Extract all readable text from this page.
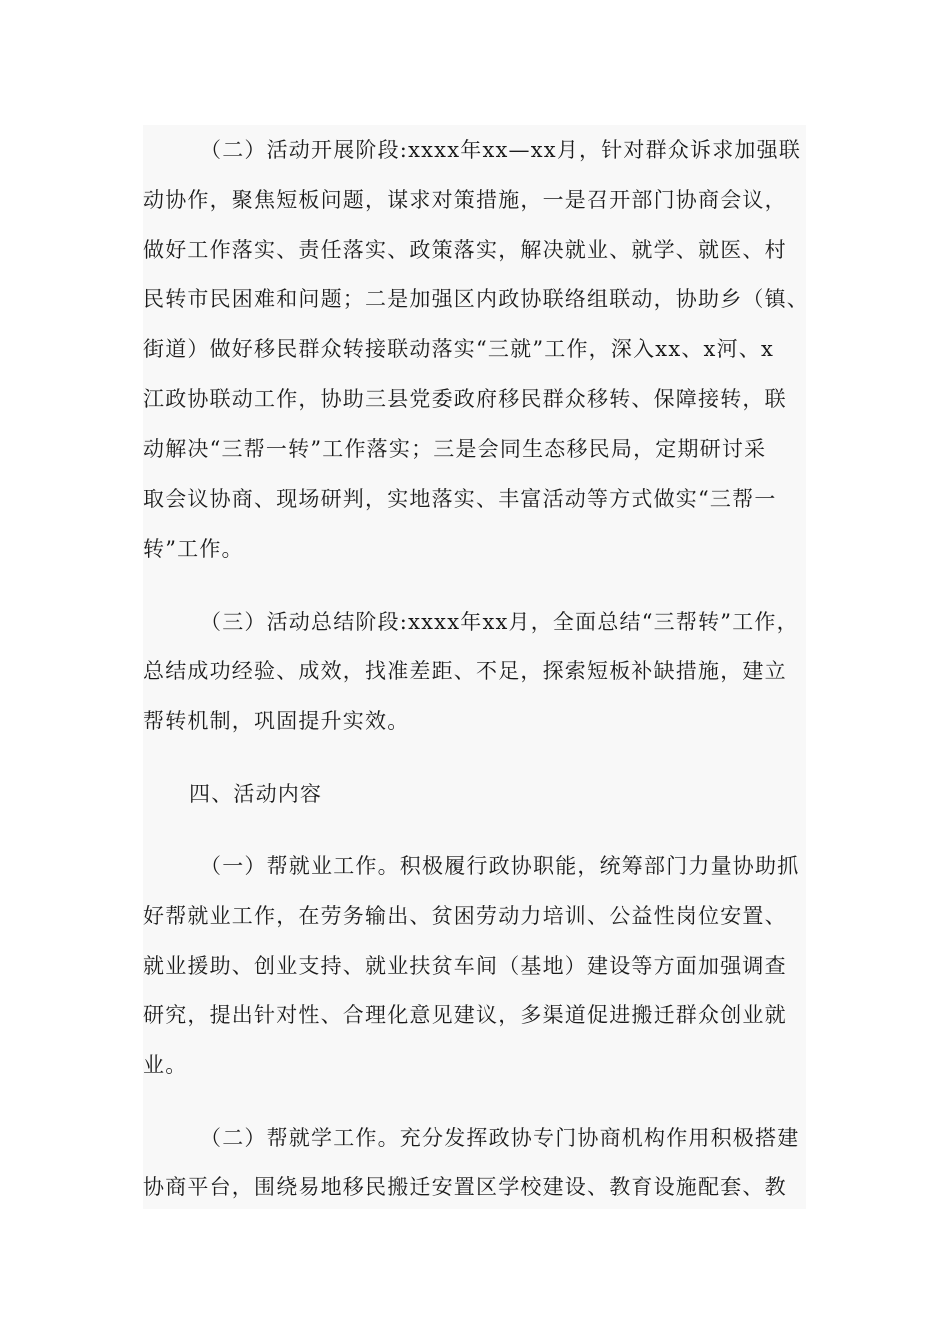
（二）活动开展阶段:xxxx年xx—xx月，针对群众诉求加强联
动协作，聚焦短板问题，谋求对策措施，一是召开部门协商会议，
做好工作落实、责任落实、政策落实，解决就业、就学、就医、村
民转市民困难和问题；二是加强区内政协联络组联动，协助乡（镇、
街道）做好移民群众转接联动落实“三就”工作，深入xx、x河、x
江政协联动工作，协助三县党委政府移民群众移转、保障接转，联
动解决“三帮一转”工作落实；三是会同生态移民局，定期研讨采
取会议协商、现场研判，实地落实、丰富活动等方式做实“三帮一
转”工作。
（三）活动总结阶段:xxxx年xx月，全面总结“三帮转”工作，
总结成功经验、成效，找准差距、不足，探索短板补缺措施，建立
帮转机制，巩固提升实效。
四、活动内容
（一）帮就业工作。积极履行政协职能，统筹部门力量协助抓
好帮就业工作，在劳务输出、贫困劳动力培训、公益性岗位安置、
就业援助、创业支持、就业扶贫车间（基地）建设等方面加强调查
研究，提出针对性、合理化意见建议，多渠道促进搬迁群众创业就
业。
（二）帮就学工作。充分发挥政协专门协商机构作用积极搭建
协商平台，围绕易地移民搬迁安置区学校建设、教育设施配套、教
